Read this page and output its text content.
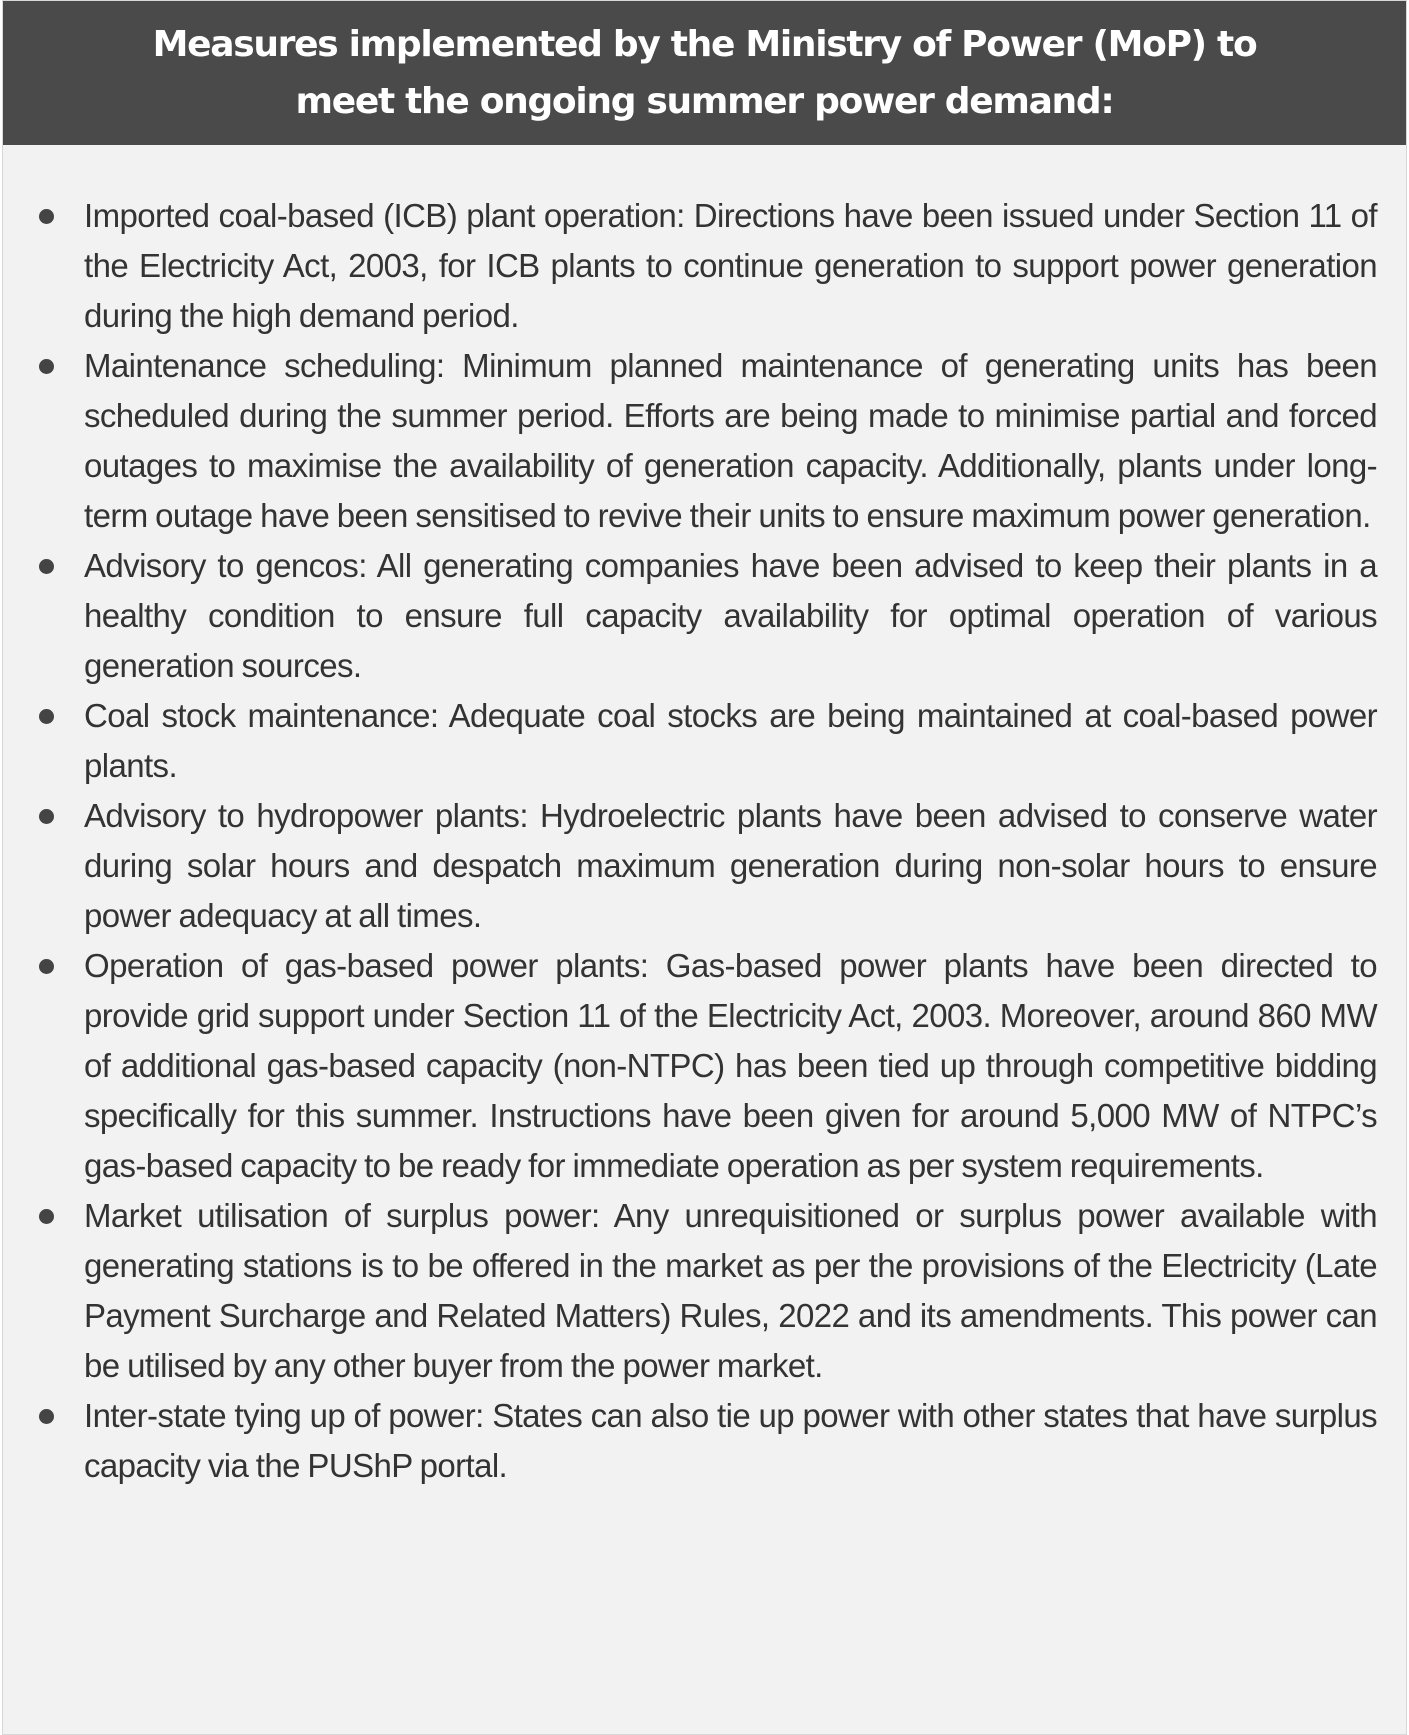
Measures implemented by the Ministry of Power (MoP) to meet the ongoing summer power demand:
Imported coal-based (ICB) plant operation: Directions have been issued under Section 11 of the Electricity Act, 2003, for ICB plants to continue generation to support power generation during the high demand period.
Maintenance scheduling: Minimum planned maintenance of generating units has been scheduled during the summer period. Efforts are being made to minimise partial and forced outages to maximise the availability of generation capacity. Additionally, plants under long-term outage have been sensitised to revive their units to ensure maximum power generation.
Advisory to gencos: All generating companies have been advised to keep their plants in a healthy condition to ensure full capacity availability for optimal operation of various generation sources.
Coal stock maintenance: Adequate coal stocks are being maintained at coal-based power plants.
Advisory to hydropower plants: Hydroelectric plants have been advised to conserve water during solar hours and despatch maximum generation during non-solar hours to ensure power adequacy at all times.
Operation of gas-based power plants: Gas-based power plants have been directed to provide grid support under Section 11 of the Electricity Act, 2003. Moreover, around 860 MW of additional gas-based capacity (non-NTPC) has been tied up through competitive bidding specifically for this summer. Instructions have been given for around 5,000 MW of NTPC’s gas-based capacity to be ready for immediate operation as per system requirements.
Market utilisation of surplus power: Any unrequisitioned or surplus power available with generating stations is to be offered in the market as per the provisions of the Electricity (Late Payment Surcharge and Related Matters) Rules, 2022 and its amendments. This power can be utilised by any other buyer from the power market.
Inter-state tying up of power: States can also tie up power with other states that have surplus capacity via the PUShP portal.
